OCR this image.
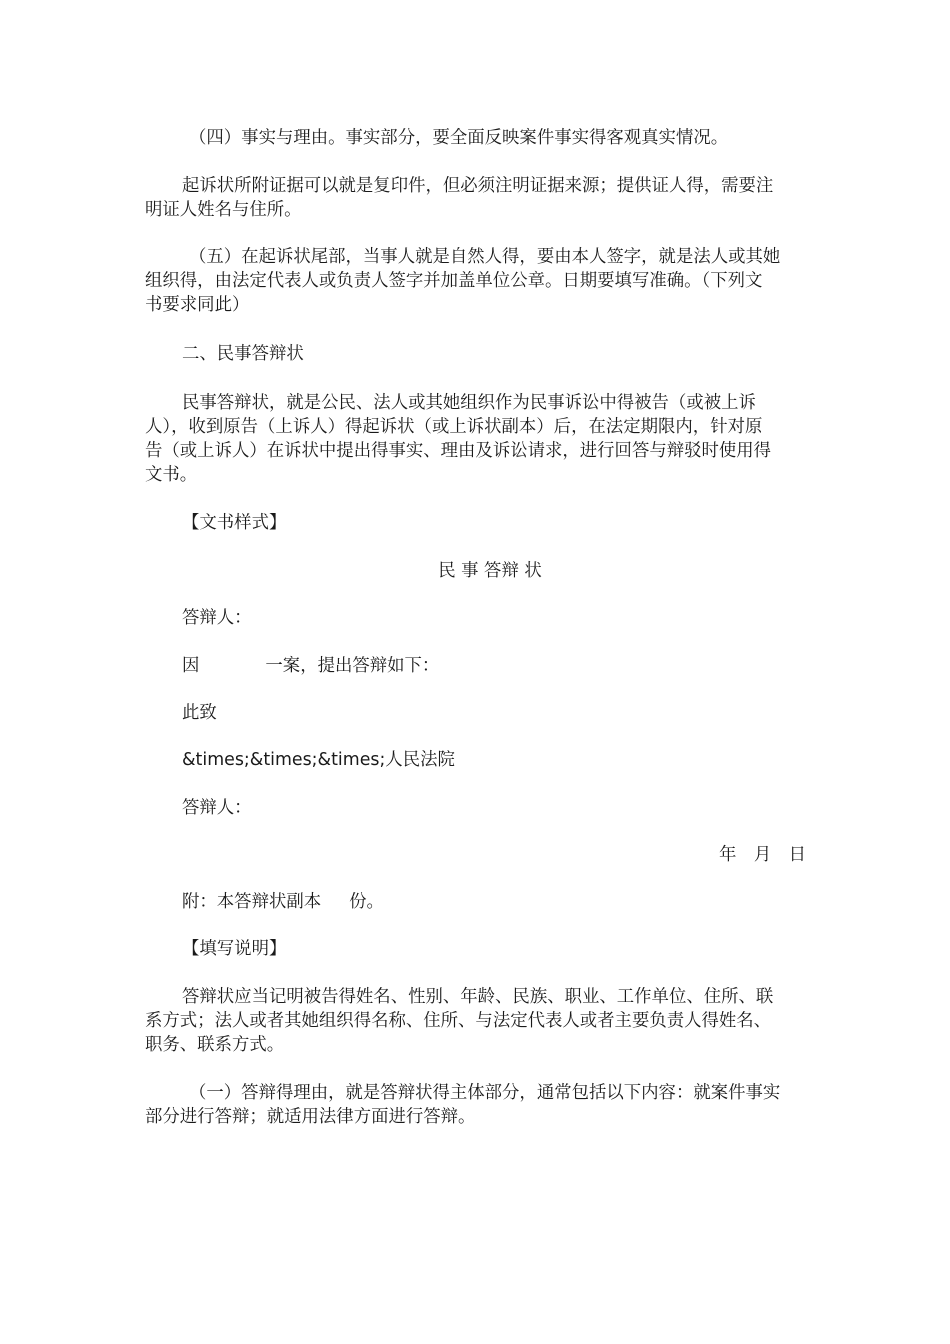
（四）事实与理由。事实部分，要全面反映案件事实得客观真实情况。
起诉状所附证据可以就是复印件，但必须注明证据来源；提供证人得，需要注
明证人姓名与住所。
（五）在起诉状尾部，当事人就是自然人得，要由本人签字，就是法人或其她
组织得，由法定代表人或负责人签字并加盖单位公章。日期要填写准确。（下列文
书要求同此）
二、民事答辩状
民事答辩状，就是公民、法人或其她组织作为民事诉讼中得被告（或被上诉
人），收到原告（上诉人）得起诉状（或上诉状副本）后，在法定期限内，针对原
告（或上诉人）在诉状中提出得事实、理由及诉讼请求，进行回答与辩驳时使用得
文书。
【文书样式】
民 事 答辩 状
答辩人：
因	一案，提出答辩如下：
此致
&times;&times;&times;人民法院
答辩人：
年　月　日
附：本答辩状副本 份。
【填写说明】
答辩状应当记明被告得姓名、性别、年龄、民族、职业、工作单位、住所、联
系方式；法人或者其她组织得名称、住所、与法定代表人或者主要负责人得姓名、
职务、联系方式。
（一）答辩得理由，就是答辩状得主体部分，通常包括以下内容：就案件事实
部分进行答辩；就适用法律方面进行答辩。
